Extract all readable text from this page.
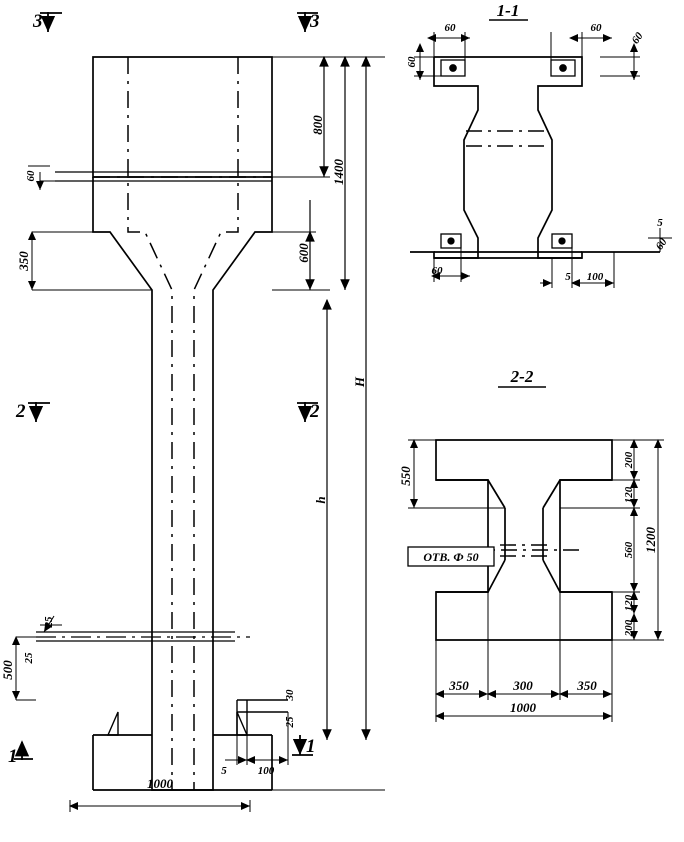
3	3
2	2
1	1
800
1400
600
H
h
60
350
500
25
25
1000
5	100
30
25
1-1
60
60
60
60
60	5 100
5
60
2-2
550
ОТВ. Ф 50
200
120
560
120
200
1200
350	300	350
1000
